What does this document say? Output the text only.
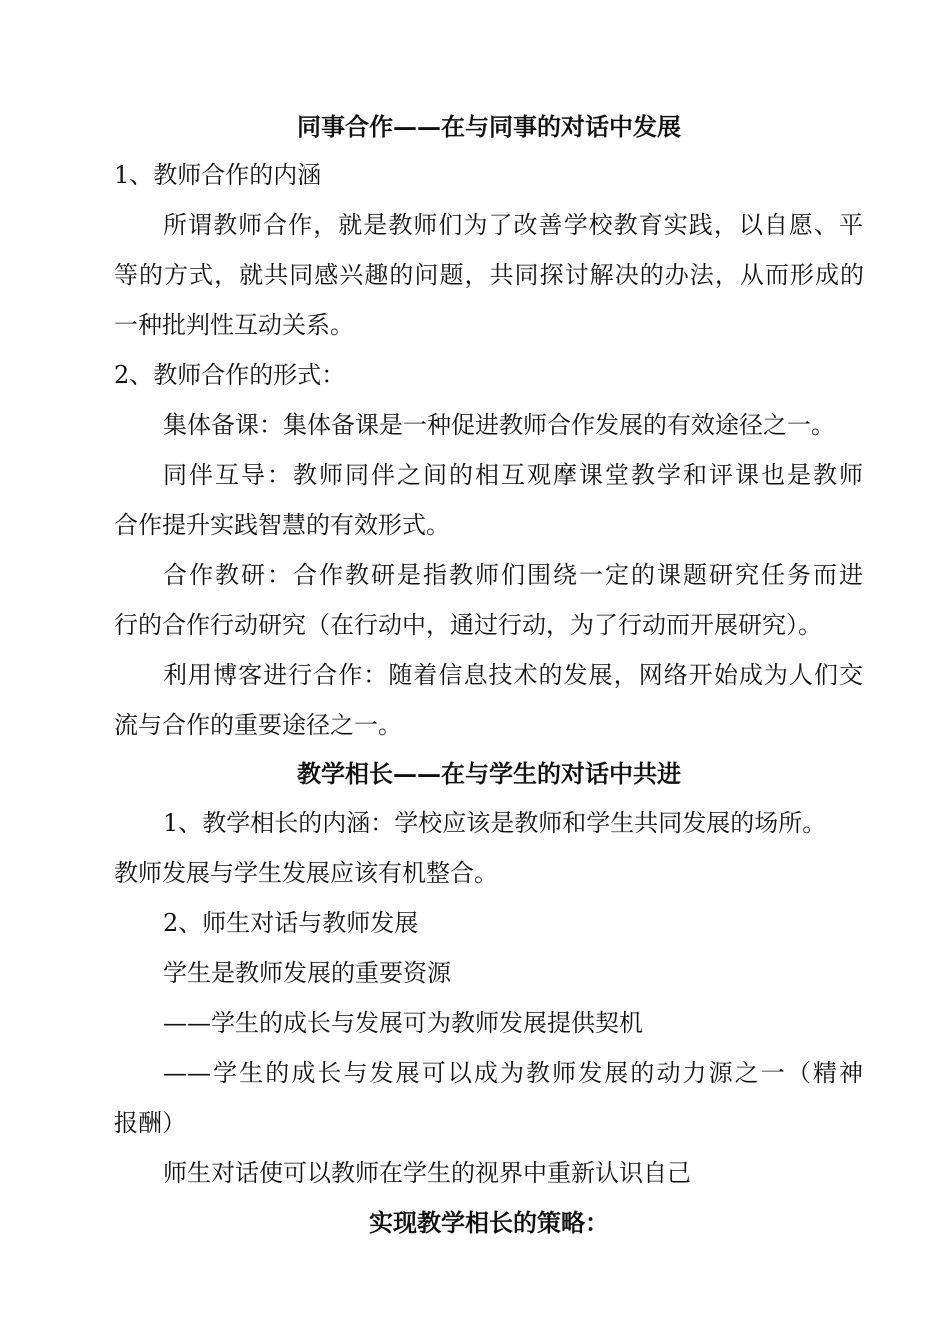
同事合作——在与同事的对话中发展
1、教师合作的内涵
所谓教师合作，就是教师们为了改善学校教育实践，以自愿、平
等的方式，就共同感兴趣的问题，共同探讨解决的办法，从而形成的
一种批判性互动关系。
2、教师合作的形式：
集体备课：集体备课是一种促进教师合作发展的有效途径之一。
同伴互导：教师同伴之间的相互观摩课堂教学和评课也是教师
合作提升实践智慧的有效形式。
合作教研：合作教研是指教师们围绕一定的课题研究任务而进
行的合作行动研究（在行动中，通过行动，为了行动而开展研究）。
利用博客进行合作：随着信息技术的发展，网络开始成为人们交
流与合作的重要途径之一。
教学相长——在与学生的对话中共进
1、教学相长的内涵：学校应该是教师和学生共同发展的场所。
教师发展与学生发展应该有机整合。
2、师生对话与教师发展
学生是教师发展的重要资源
——学生的成长与发展可为教师发展提供契机
——学生的成长与发展可以成为教师发展的动力源之一（精神
报酬）
师生对话使可以教师在学生的视界中重新认识自己
实现教学相长的策略：
